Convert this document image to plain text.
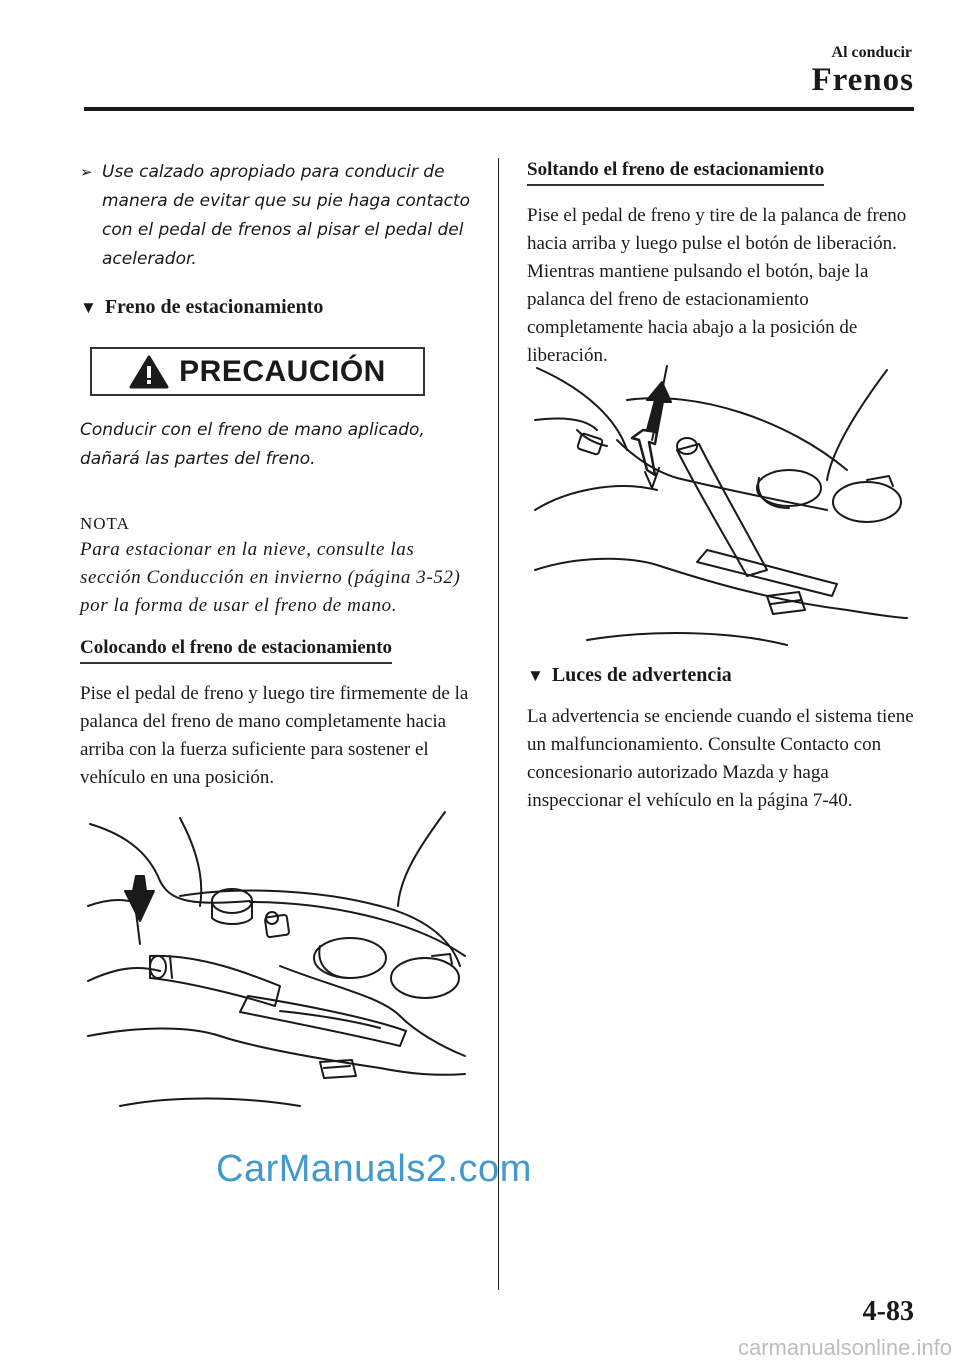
Al conducir
Frenos
➢ Use calzado apropiado para conducir de manera de evitar que su pie haga contacto con el pedal de frenos al pisar el pedal del acelerador.
▼ Freno de estacionamiento
PRECAUCIÓN
Conducir con el freno de mano aplicado, dañará las partes del freno.
NOTA
Para estacionar en la nieve, consulte las sección Conducción en invierno (página 3-52) por la forma de usar el freno de mano.
Colocando el freno de estacionamiento
Pise el pedal de freno y luego tire firmemente de la palanca del freno de mano completamente hacia arriba con la fuerza suficiente para sostener el vehículo en una posición.
Soltando el freno de estacionamiento
Pise el pedal de freno y tire de la palanca de freno hacia arriba y luego pulse el botón de liberación. Mientras mantiene pulsando el botón, baje la palanca del freno de estacionamiento completamente hacia abajo a la posición de liberación.
▼ Luces de advertencia
La advertencia se enciende cuando el sistema tiene un malfuncionamiento. Consulte Contacto con concesionario autorizado Mazda y haga inspeccionar el vehículo en la página 7-40.
4-83
CarManuals2.com
carmanualsonline.info
